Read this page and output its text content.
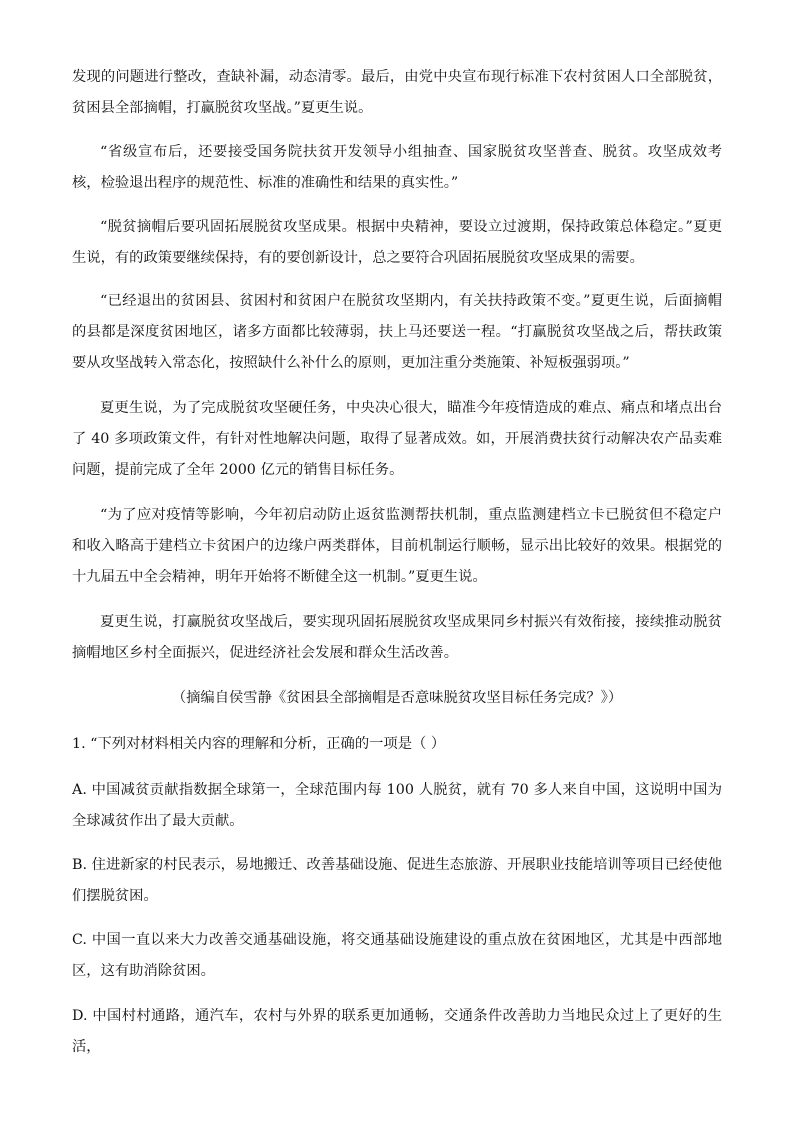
发现的问题进行整改，查缺补漏，动态清零。最后，由党中央宣布现行标准下农村贫困人口全部脱贫，贫困县全部摘帽，打赢脱贫攻坚战。”夏更生说。

“省级宣布后，还要接受国务院扶贫开发领导小组抽查、国家脱贫攻坚普查、脱贫。攻坚成效考核，检验退出程序的规范性、标准的准确性和结果的真实性。”

“脱贫摘帽后要巩固拓展脱贫攻坚成果。根据中央精神，要设立过渡期，保持政策总体稳定。”夏更生说，有的政策要继续保持，有的要创新设计，总之要符合巩固拓展脱贫攻坚成果的需要。

“已经退出的贫困县、贫困村和贫困户在脱贫攻坚期内，有关扶持政策不变。”夏更生说，后面摘帽的县都是深度贫困地区，诸多方面都比较薄弱，扶上马还要送一程。“打赢脱贫攻坚战之后，帮扶政策要从攻坚战转入常态化，按照缺什么补什么的原则，更加注重分类施策、补短板强弱项。”

夏更生说，为了完成脱贫攻坚硬任务，中央决心很大，瞄准今年疫情造成的难点、痛点和堵点出台了 40 多项政策文件，有针对性地解决问题，取得了显著成效。如，开展消费扶贫行动解决农产品卖难问题，提前完成了全年 2000 亿元的销售目标任务。

“为了应对疫情等影响，今年初启动防止返贫监测帮扶机制，重点监测建档立卡已脱贫但不稳定户和收入略高于建档立卡贫困户的边缘户两类群体，目前机制运行顺畅，显示出比较好的效果。根据党的十九届五中全会精神，明年开始将不断健全这一机制。”夏更生说。

夏更生说，打赢脱贫攻坚战后，要实现巩固拓展脱贫攻坚成果同乡村振兴有效衔接，接续推动脱贫摘帽地区乡村全面振兴，促进经济社会发展和群众生活改善。

（摘编自侯雪静《贫困县全部摘帽是否意味脱贫攻坚目标任务完成？》）

1. “下列对材料相关内容的理解和分析，正确的一项是（ ）

A. 中国减贫贡献指数据全球第一，全球范围内每 100 人脱贫，就有 70 多人来自中国，这说明中国为全球减贫作出了最大贡献。

B. 住进新家的村民表示，易地搬迁、改善基础设施、促进生态旅游、开展职业技能培训等项目已经使他们摆脱贫困。

C. 中国一直以来大力改善交通基础设施，将交通基础设施建设的重点放在贫困地区，尤其是中西部地区，这有助消除贫困。

D. 中国村村通路，通汽车，农村与外界的联系更加通畅，交通条件改善助力当地民众过上了更好的生活，
